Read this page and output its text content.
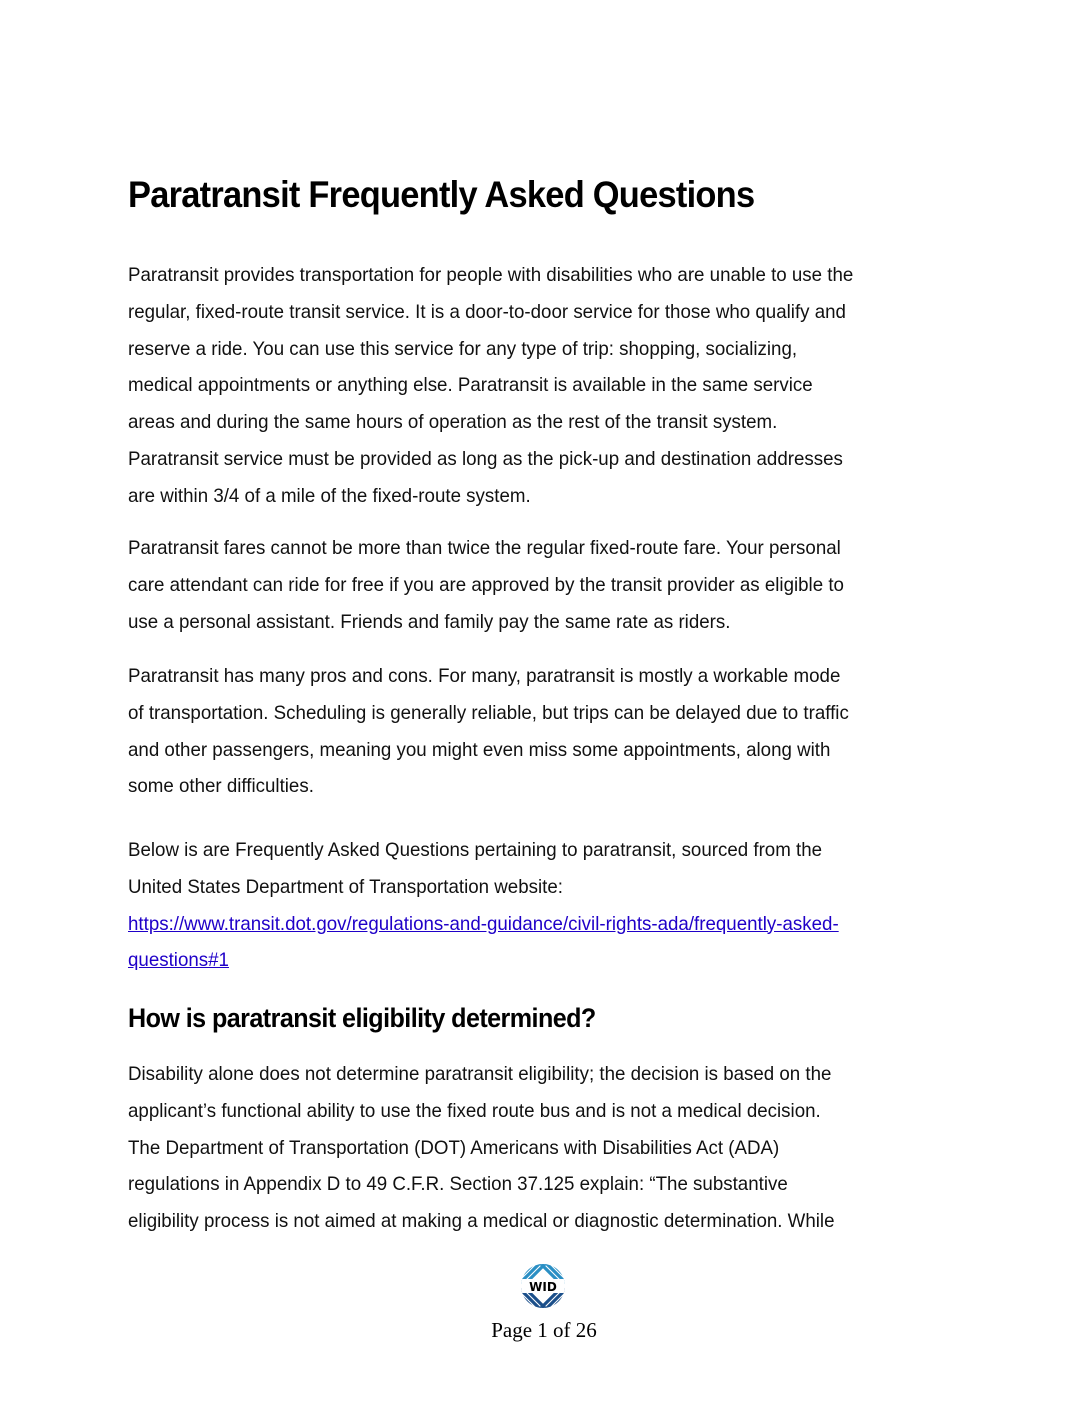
Paratransit Frequently Asked Questions

Paratransit provides transportation for people with disabilities who are unable to use the
regular, fixed-route transit service. It is a door-to-door service for those who qualify and
reserve a ride. You can use this service for any type of trip: shopping, socializing,
medical appointments or anything else. Paratransit is available in the same service
areas and during the same hours of operation as the rest of the transit system.
Paratransit service must be provided as long as the pick-up and destination addresses
are within 3/4 of a mile of the fixed-route system.

Paratransit fares cannot be more than twice the regular fixed-route fare. Your personal
care attendant can ride for free if you are approved by the transit provider as eligible to
use a personal assistant. Friends and family pay the same rate as riders.

Paratransit has many pros and cons. For many, paratransit is mostly a workable mode
of transportation. Scheduling is generally reliable, but trips can be delayed due to traffic
and other passengers, meaning you might even miss some appointments, along with
some other difficulties.

Below is are Frequently Asked Questions pertaining to paratransit, sourced from the
United States Department of Transportation website:
https://www.transit.dot.gov/regulations-and-guidance/civil-rights-ada/frequently-asked-
questions#1

How is paratransit eligibility determined?

Disability alone does not determine paratransit eligibility; the decision is based on the
applicant’s functional ability to use the fixed route bus and is not a medical decision.
The Department of Transportation (DOT) Americans with Disabilities Act (ADA)
regulations in Appendix D to 49 C.F.R. Section 37.125 explain: “The substantive
eligibility process is not aimed at making a medical or diagnostic determination. While

WID
Page 1 of 26
